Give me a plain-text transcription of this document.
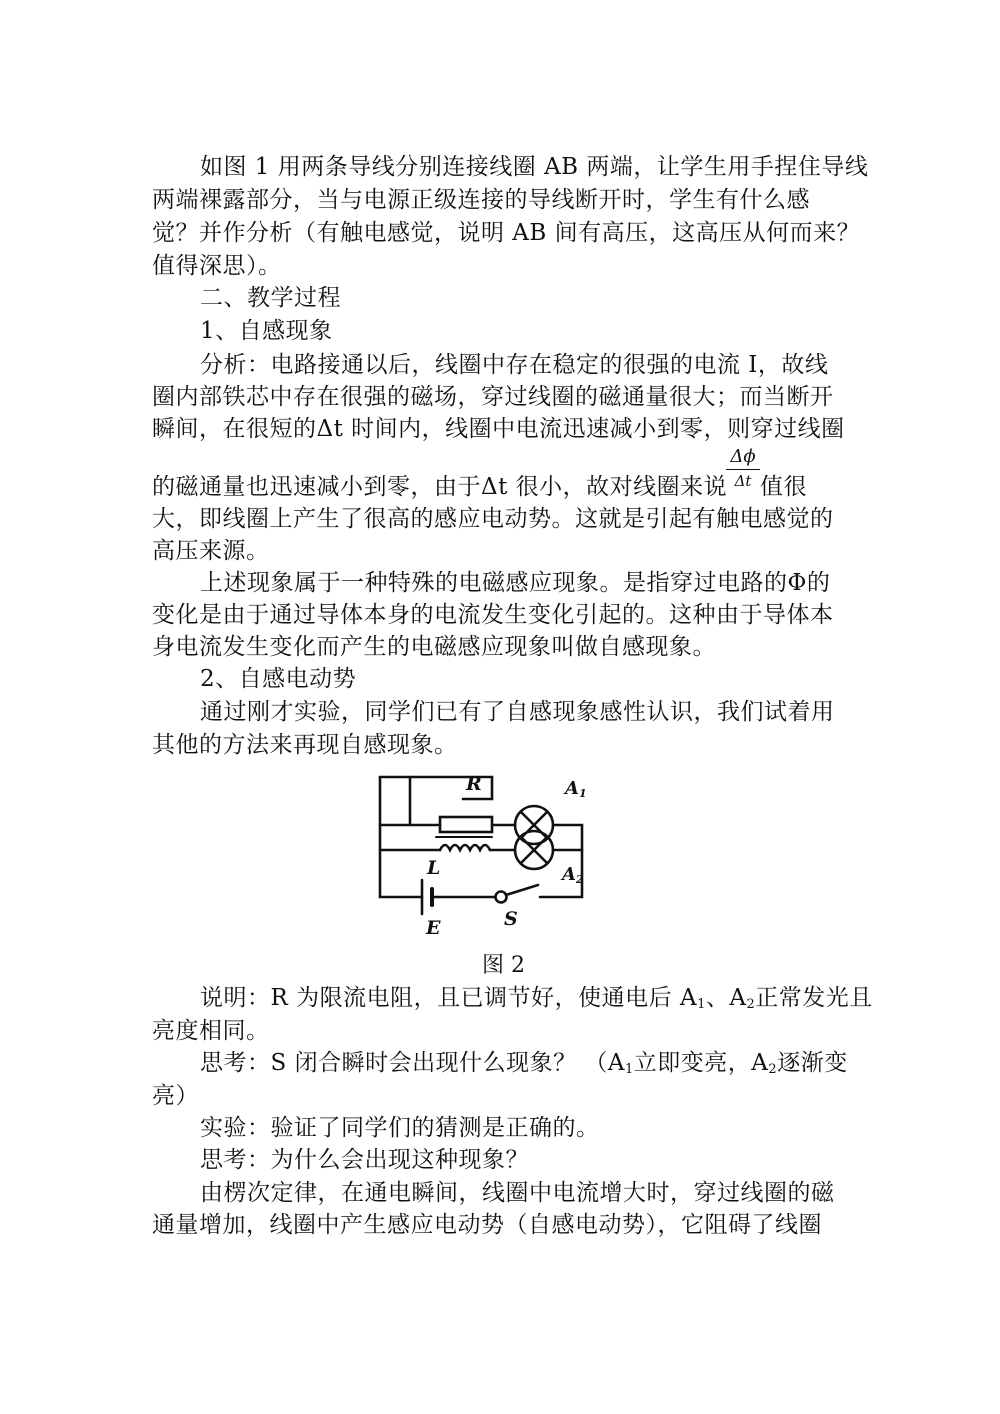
如图 1 用两条导线分别连接线圈 AB 两端，让学生用手捏住导线
两端裸露部分，当与电源正级连接的导线断开时，学生有什么感
觉？并作分析（有触电感觉，说明 AB 间有高压，这高压从何而来？
值得深思）。
二、教学过程
1、自感现象
分析：电路接通以后，线圈中存在稳定的很强的电流 I，故线
圈内部铁芯中存在很强的磁场，穿过线圈的磁通量很大；而当断开
瞬间，在很短的Δt 时间内，线圈中电流迅速减小到零，则穿过线圈
的磁通量也迅速减小到零，由于Δt 很小，故对线圈来说
Δϕ
Δt 值很
大，即线圈上产生了很高的感应电动势。这就是引起有触电感觉的
高压来源。
上述现象属于一种特殊的电磁感应现象。是指穿过电路的Φ的
变化是由于通过导体本身的电流发生变化引起的。这种由于导体本
身电流发生变化而产生的电磁感应现象叫做自感现象。
2、自感电动势
通过刚才实验，同学们已有了自感现象感性认识，我们试着用
其他的方法来再现自感现象。
R	A1
A2
L
E	S
图 2
说明：R 为限流电阻，且已调节好，使通电后 $A_1$、$A_2$正常发光且
亮度相同。
思考：S 闭合瞬时会出现什么现象？ （$A_1$立即变亮，$A_2$逐渐变
亮）
实验：验证了同学们的猜测是正确的。
思考：为什么会出现这种现象？
由楞次定律，在通电瞬间，线圈中电流增大时，穿过线圈的磁
通量增加，线圈中产生感应电动势（自感电动势），它阻碍了线圈
